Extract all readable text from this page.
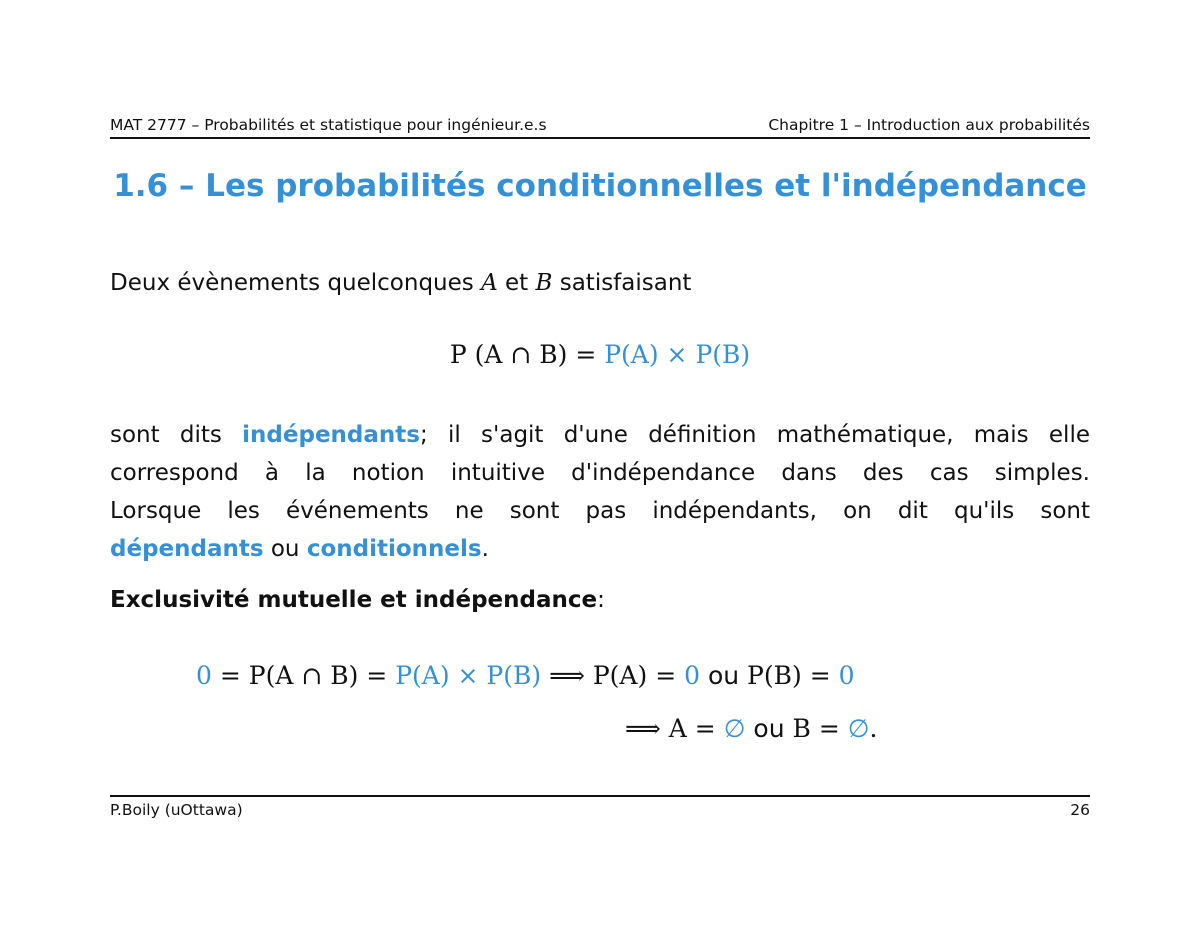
MAT 2777 – Probabilités et statistique pour ingénieur.e.s	Chapitre 1 – Introduction aux probabilités
1.6 – Les probabilités conditionnelles et l'indépendance
Deux évènements quelconques A et B satisfaisant
P (A ∩ B) = P(A) × P(B)
sont dits indépendants; il s'agit d'une définition mathématique, mais elle
correspond à la notion intuitive d'indépendance dans des cas simples.
Lorsque les événements ne sont pas indépendants, on dit qu'ils sont
dépendants ou conditionnels.
Exclusivité mutuelle et indépendance:
0 = P(A ∩ B) = P(A) × P(B) ⟹ P(A) = 0 ou P(B) = 0
⟹ A = ∅ ou B = ∅.
P.Boily (uOttawa)	26
